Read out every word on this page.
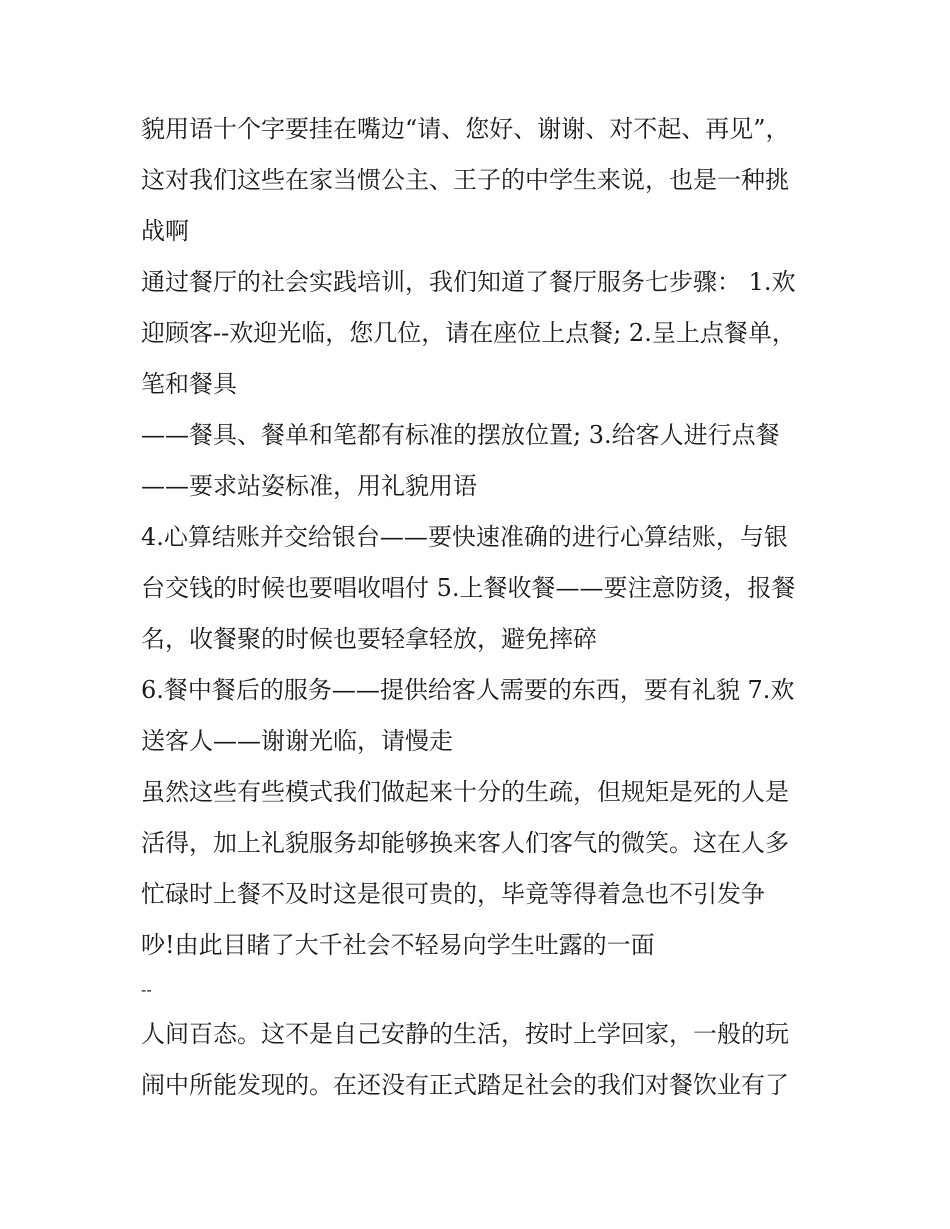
貌用语十个字要挂在嘴边“请、您好、谢谢、对不起、再见”，
这对我们这些在家当惯公主、王子的中学生来说，也是一种挑
战啊
通过餐厅的社会实践培训，我们知道了餐厅服务七步骤： 1.欢
迎顾客--欢迎光临，您几位，请在座位上点餐; 2.呈上点餐单，
笔和餐具
——餐具、餐单和笔都有标准的摆放位置; 3.给客人进行点餐
——要求站姿标准，用礼貌用语
4.心算结账并交给银台——要快速准确的进行心算结账，与银
台交钱的时候也要唱收唱付 5.上餐收餐——要注意防烫，报餐
名，收餐聚的时候也要轻拿轻放，避免摔碎
6.餐中餐后的服务——提供给客人需要的东西，要有礼貌 7.欢
送客人——谢谢光临，请慢走
虽然这些有些模式我们做起来十分的生疏，但规矩是死的人是
活得，加上礼貌服务却能够换来客人们客气的微笑。这在人多
忙碌时上餐不及时这是很可贵的，毕竟等得着急也不引发争
吵!由此目睹了大千社会不轻易向学生吐露的一面
--
人间百态。这不是自己安静的生活，按时上学回家，一般的玩
闹中所能发现的。在还没有正式踏足社会的我们对餐饮业有了
